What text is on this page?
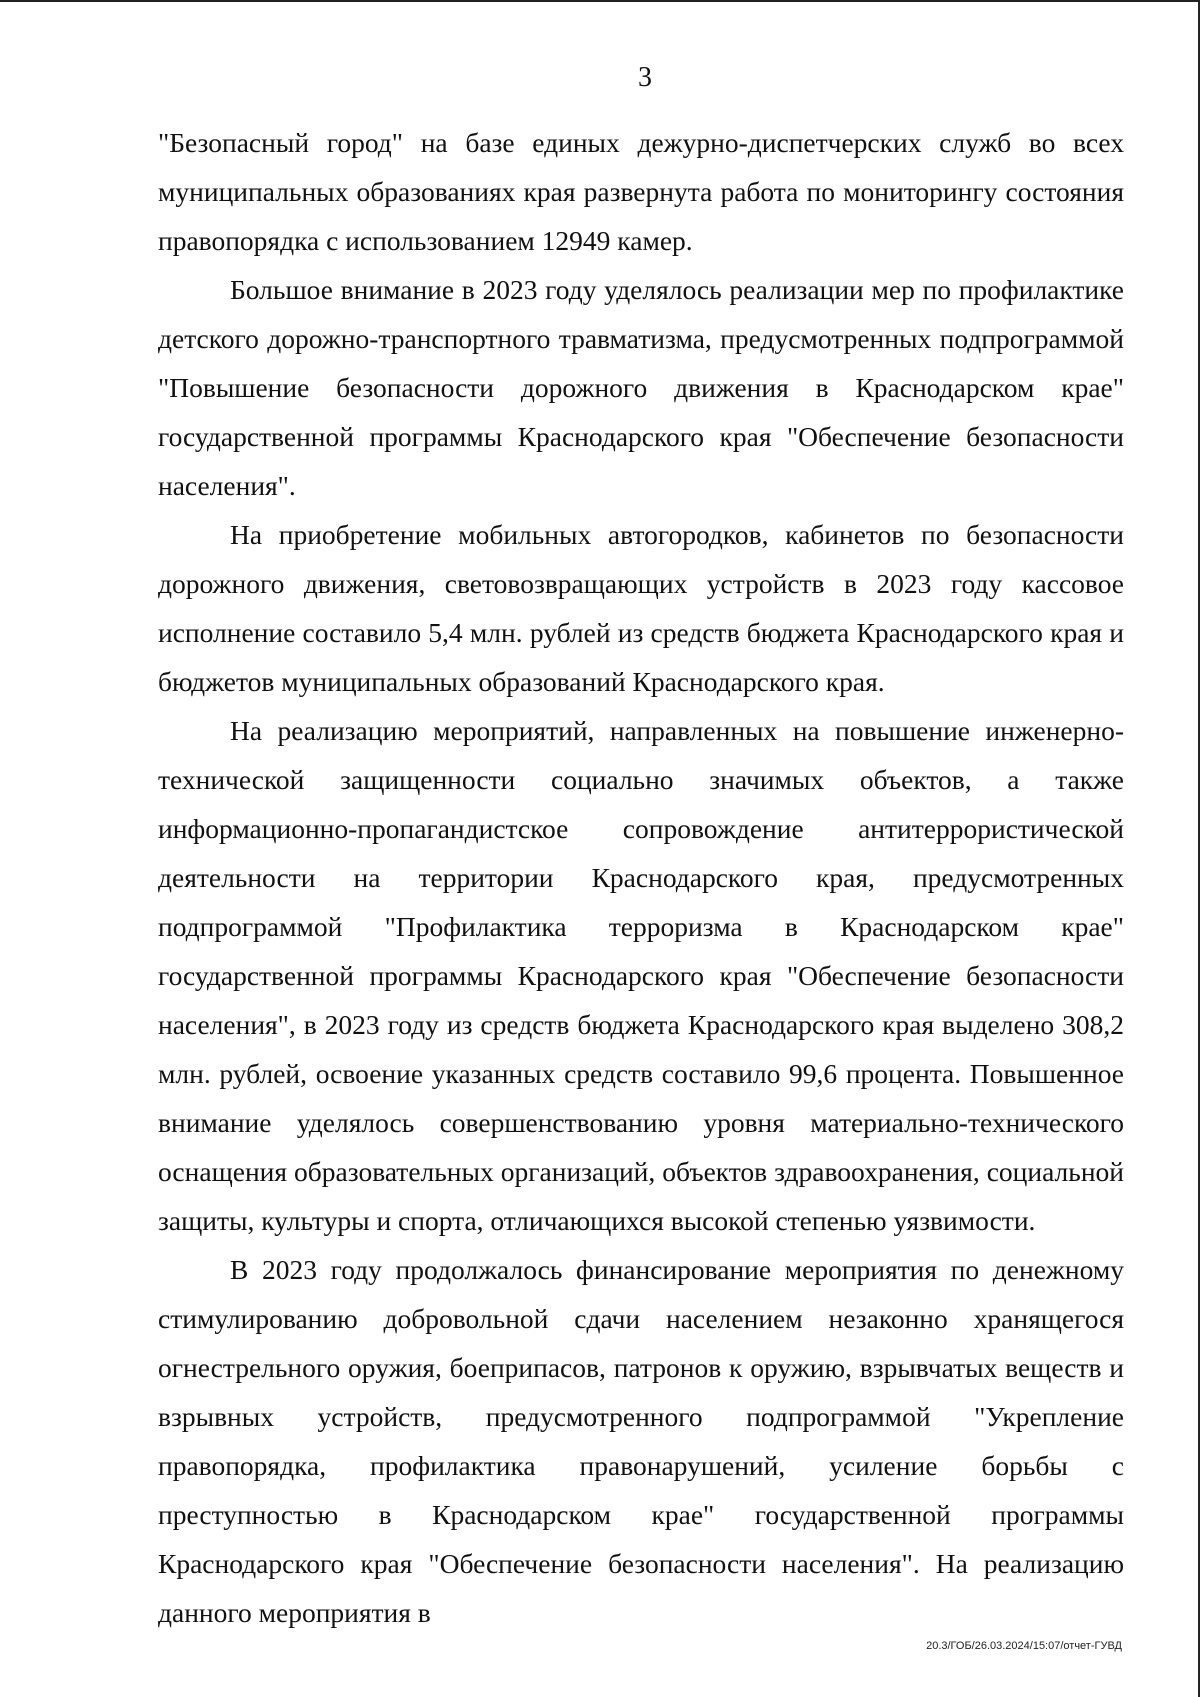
3

"Безопасный город" на базе единых дежурно-диспетчерских служб во всех муниципальных образованиях края развернута работа по мониторингу состояния правопорядка с использованием 12949 камер.

Большое внимание в 2023 году уделялось реализации мер по профилактике детского дорожно-транспортного травматизма, предусмотренных подпрограммой "Повышение безопасности дорожного движения в Краснодарском крае" государственной программы Краснодарского края "Обеспечение безопасности населения".

На приобретение мобильных автогородков, кабинетов по безопасности дорожного движения, световозвращающих устройств в 2023 году кассовое исполнение составило 5,4 млн. рублей из средств бюджета Краснодарского края и бюджетов муниципальных образований Краснодарского края.

На реализацию мероприятий, направленных на повышение инженерно-технической защищенности социально значимых объектов, а также информационно-пропагандистское сопровождение антитеррористической деятельности на территории Краснодарского края, предусмотренных подпрограммой "Профилактика терроризма в Краснодарском крае" государственной программы Краснодарского края "Обеспечение безопасности населения", в 2023 году из средств бюджета Краснодарского края выделено 308,2 млн. рублей, освоение указанных средств составило 99,6 процента. Повышенное внимание уделялось совершенствованию уровня материально-технического оснащения образовательных организаций, объектов здравоохранения, социальной защиты, культуры и спорта, отличающихся высокой степенью уязвимости.

В 2023 году продолжалось финансирование мероприятия по денежному стимулированию добровольной сдачи населением незаконно хранящегося огнестрельного оружия, боеприпасов, патронов к оружию, взрывчатых веществ и взрывных устройств, предусмотренного подпрограммой "Укрепление правопорядка, профилактика правонарушений, усиление борьбы с преступностью в Краснодарском крае" государственной программы Краснодарского края "Обеспечение безопасности населения". На реализацию данного мероприятия в

20.3/ГОБ/26.03.2024/15:07/отчет-ГУВД
